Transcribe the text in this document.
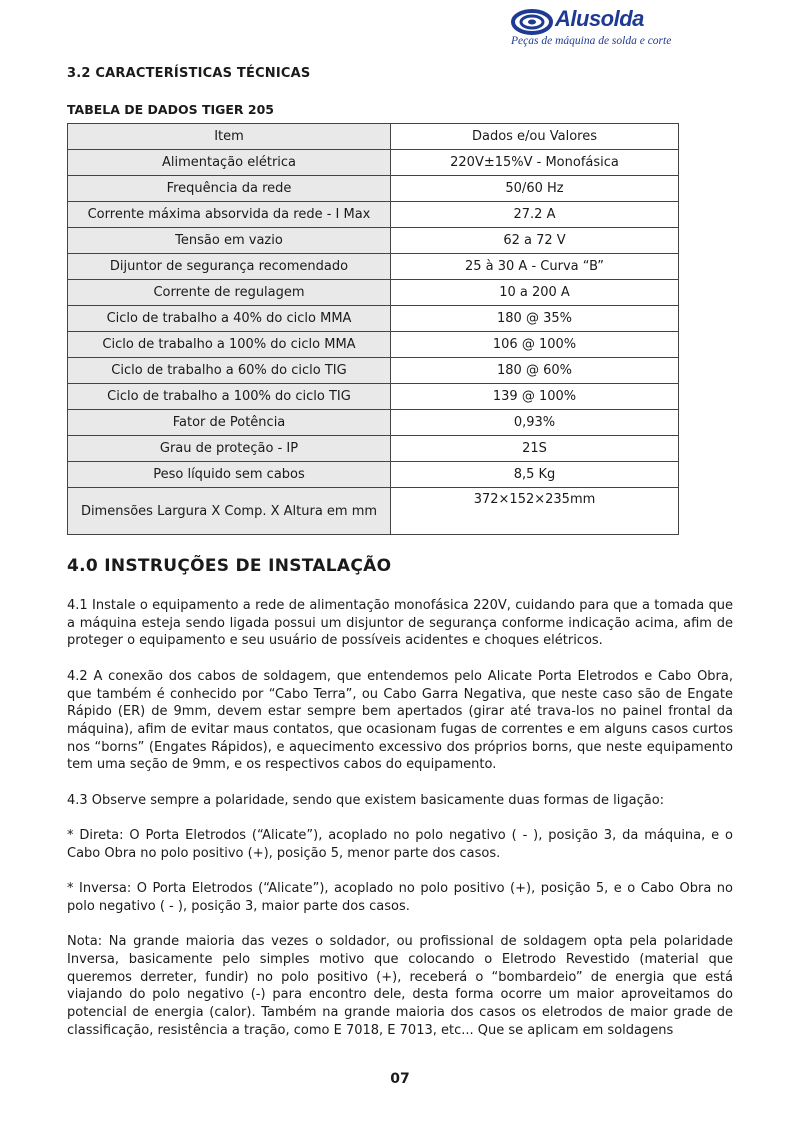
Alusolda
Peças de máquina de solda e corte
3.2 CARACTERÍSTICAS TÉCNICAS
TABELA DE DADOS TIGER 205
Item	Dados e/ou Valores
Alimentação elétrica	220V±15%V - Monofásica
Frequência da rede	50/60 Hz
Corrente máxima absorvida da rede - I Max	27.2 A
Tensão em vazio	62 a 72 V
Dijuntor de segurança recomendado	25 à 30 A - Curva “B”
Corrente de regulagem	10 a 200 A
Ciclo de trabalho a 40% do ciclo MMA	180 @ 35%
Ciclo de trabalho a 100% do ciclo MMA	106 @ 100%
Ciclo de trabalho a 60% do ciclo TIG	180 @ 60%
Ciclo de trabalho a 100% do ciclo TIG	139 @ 100%
Fator de Potência	0,93%
Grau de proteção - IP	21S
Peso líquido sem cabos	8,5 Kg
Dimensões Largura X Comp. X Altura em mm	372×152×235mm
4.0 INSTRUÇÕES DE INSTALAÇÃO

4.1 Instale o equipamento a rede de alimentação monofásica 220V, cuidando para que a tomada que a máquina esteja sendo ligada possui um disjuntor de segurança conforme indicação acima, afim de proteger o equipamento e seu usuário de possíveis acidentes e choques elétricos.

4.2 A conexão dos cabos de soldagem, que entendemos pelo Alicate Porta Eletrodos e Cabo Obra, que também é conhecido por “Cabo Terra”, ou Cabo Garra Negativa, que neste caso são de Engate Rápido (ER) de 9mm, devem estar sempre bem apertados (girar até trava-los no painel frontal da máquina), afim de evitar maus contatos, que ocasionam fugas de correntes e em alguns casos curtos nos “borns” (Engates Rápidos), e aquecimento excessivo dos próprios borns, que neste equipamento tem uma seção de 9mm, e os respectivos cabos do equipamento.

4.3 Observe sempre a polaridade, sendo que existem basicamente duas formas de ligação:

* Direta: O Porta Eletrodos (“Alicate”), acoplado no polo negativo ( - ), posição 3, da máquina, e o Cabo Obra no polo positivo (+), posição 5, menor parte dos casos.

* Inversa: O Porta Eletrodos (“Alicate”), acoplado no polo positivo (+), posição 5, e o Cabo Obra no polo negativo ( - ), posição 3, maior parte dos casos.

Nota: Na grande maioria das vezes o soldador, ou profissional de soldagem opta pela polaridade Inversa, basicamente pelo simples motivo que colocando o Eletrodo Revestido (material que queremos derreter, fundir) no polo positivo (+), receberá o “bombardeio” de energia que está viajando do polo negativo (-) para encontro dele, desta forma ocorre um maior aproveitamos do potencial de energia (calor). Também na grande maioria dos casos os eletrodos de maior grade de classificação, resistência a tração, como E 7018, E 7013, etc... Que se aplicam em soldagens

07
